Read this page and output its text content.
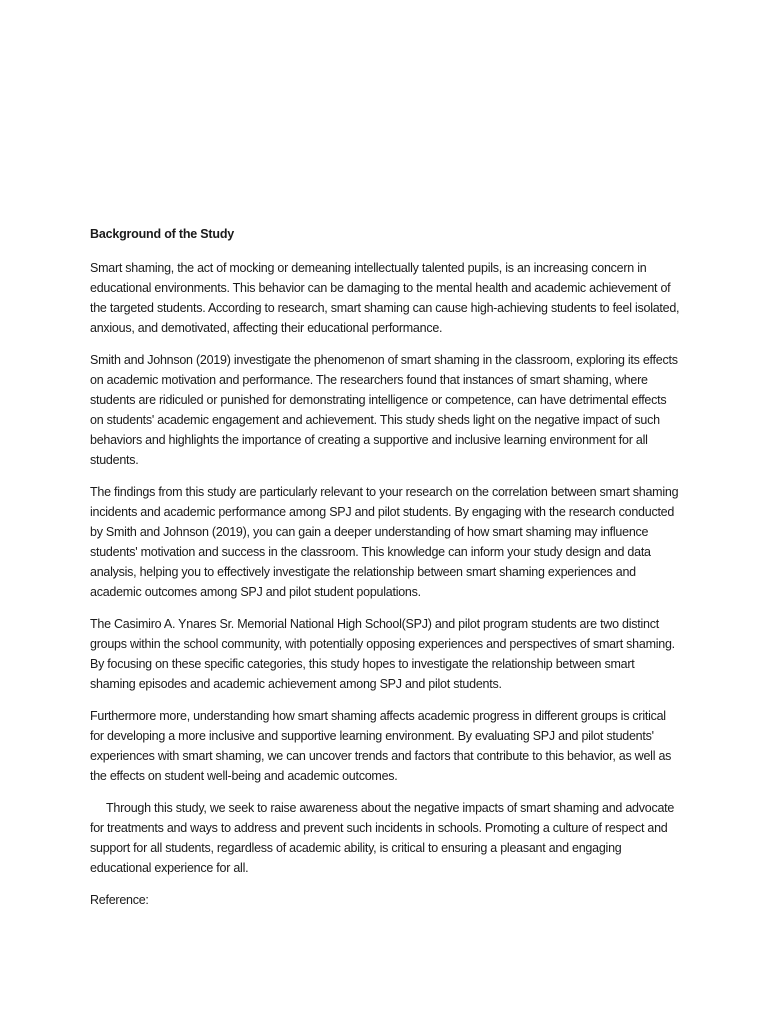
Background of the Study

Smart shaming, the act of mocking or demeaning intellectually talented pupils, is an increasing concern in educational environments. This behavior can be damaging to the mental health and academic achievement of the targeted students. According to research, smart shaming can cause high-achieving students to feel isolated, anxious, and demotivated, affecting their educational performance.

Smith and Johnson (2019) investigate the phenomenon of smart shaming in the classroom, exploring its effects on academic motivation and performance. The researchers found that instances of smart shaming, where students are ridiculed or punished for demonstrating intelligence or competence, can have detrimental effects on students' academic engagement and achievement. This study sheds light on the negative impact of such behaviors and highlights the importance of creating a supportive and inclusive learning environment for all students.

The findings from this study are particularly relevant to your research on the correlation between smart shaming incidents and academic performance among SPJ and pilot students. By engaging with the research conducted by Smith and Johnson (2019), you can gain a deeper understanding of how smart shaming may influence students' motivation and success in the classroom. This knowledge can inform your study design and data analysis, helping you to effectively investigate the relationship between smart shaming experiences and academic outcomes among SPJ and pilot student populations.

The Casimiro A. Ynares Sr. Memorial National High School(SPJ) and pilot program students are two distinct groups within the school community, with potentially opposing experiences and perspectives of smart shaming. By focusing on these specific categories, this study hopes to investigate the relationship between smart shaming episodes and academic achievement among SPJ and pilot students.

Furthermore more, understanding how smart shaming affects academic progress in different groups is critical for developing a more inclusive and supportive learning environment. By evaluating SPJ and pilot students' experiences with smart shaming, we can uncover trends and factors that contribute to this behavior, as well as the effects on student well-being and academic outcomes.

Through this study, we seek to raise awareness about the negative impacts of smart shaming and advocate for treatments and ways to address and prevent such incidents in schools. Promoting a culture of respect and support for all students, regardless of academic ability, is critical to ensuring a pleasant and engaging educational experience for all.

Reference:
